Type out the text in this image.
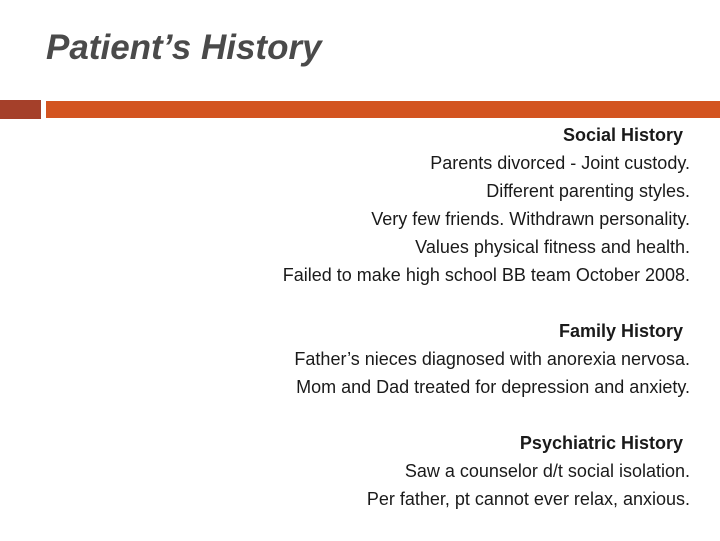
Patient’s History
Social History
Parents divorced - Joint custody.
Different parenting styles.
Very few friends. Withdrawn personality.
Values physical fitness and health.
Failed to make high school BB team October 2008.
Family History
Father’s nieces diagnosed with anorexia nervosa.
Mom and Dad treated for depression and anxiety.
Psychiatric History
Saw a counselor d/t social isolation.
Per father, pt cannot ever relax, anxious.
